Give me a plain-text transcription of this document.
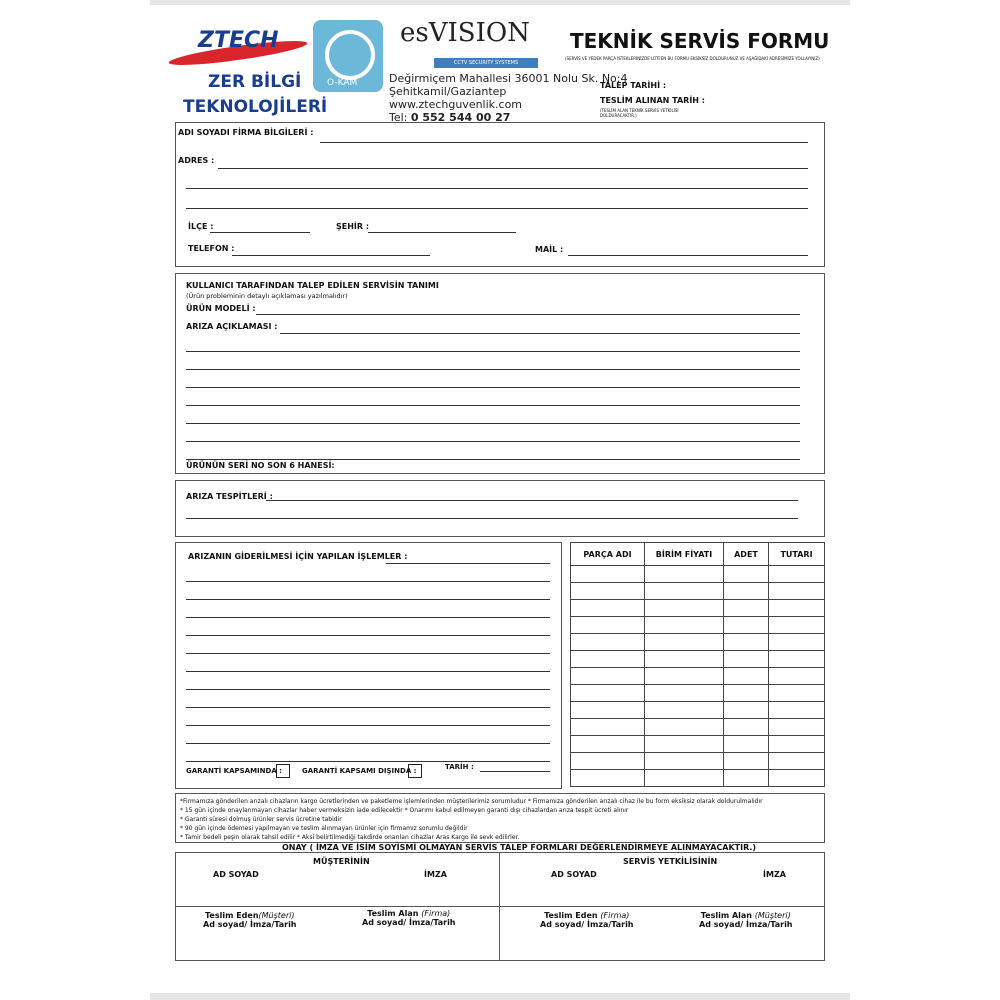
ZTECH
ZER BİLGİ
TEKNOLOJİLERİ
O-KAM
esVISION
CCTV SECURITY SYSTEMS
Değirmiçem Mahallesi 36001 Nolu Sk. No:4
Şehitkamil/Gaziantep
www.ztechguvenlik.com
Tel: 0 552 544 00 27
TEKNİK SERVİS FORMU
(SERVİS VE YEDEK PARÇA İSTEKLERİNİZDE LÜTFEN BU FORMU EKSİKSİZ DOLDURUNUZ VE AŞAĞIDAKİ ADRESİMİZE YOLLAYINIZ)
TALEP TARİHİ :
TESLİM ALINAN TARİH :
(TESLİM ALAN TEKNİK SERVİS YETKİLİSİ DOLDURACAKTIR.)
ADI SOYADI FİRMA BİLGİLERİ :
ADRES :
İLÇE :	ŞEHİR :
TELEFON :	MAİL :
KULLANICI TARAFINDAN TALEP EDİLEN SERVİSİN TANIMI
(Ürün probleminin detaylı açıklaması yazılmalıdır)
ÜRÜN MODELİ :
ARIZA AÇIKLAMASI :
ÜRÜNÜN SERİ NO SON 6 HANESİ:
ARIZA TESPİTLERİ :
ARIZANIN GİDERİLMESİ İÇİN YAPILAN İŞLEMLER :
GARANTİ KAPSAMINDA :	GARANTİ KAPSAMI DIŞINDA :	TARİH :
PARÇA ADI	BİRİM FİYATI	ADET	TUTARI

*Firmamıza gönderilen arızalı cihazların kargo ücretlerinden ve paketleme işlemlerinden müşterilerimiz sorumludur * Firmamıza gönderilen arızalı cihaz ile bu form eksiksiz olarak doldurulmalıdır
* 15 gün içinde onaylanmayan cihazlar haber vermeksizin iade edilecektir * Onarımı kabul edilmeyen garanti dışı cihazlardan arıza tespit ücreti alınır
* Garanti süresi dolmuş ürünler servis ücretine tabidir
* 90 gün içinde ödemesi yapılmayan ve teslim alınmayan ürünler için firmamız sorumlu değildir
* Tamir bedeli peşin olarak tahsil edilir * Aksi belirtilmediği takdirde onarılan cihazlar Aras Kargo ile sevk edilirler.
ONAY ( İMZA VE İSİM SOYİSMİ OLMAYAN SERVİS TALEP FORMLARI DEĞERLENDİRMEYE ALINMAYACAKTIR.)
MÜŞTERİNİN	SERVİS YETKİLİSİNİN
AD SOYAD	İMZA	AD SOYAD	İMZA
Teslim Eden(Müşteri)
Ad soyad/ İmza/Tarih
Teslim Alan (Firma)
Ad soyad/ İmza/Tarih
Teslim Eden (Firma)
Ad soyad/ İmza/Tarih
Teslim Alan (Müşteri)
Ad soyad/ İmza/Tarih
